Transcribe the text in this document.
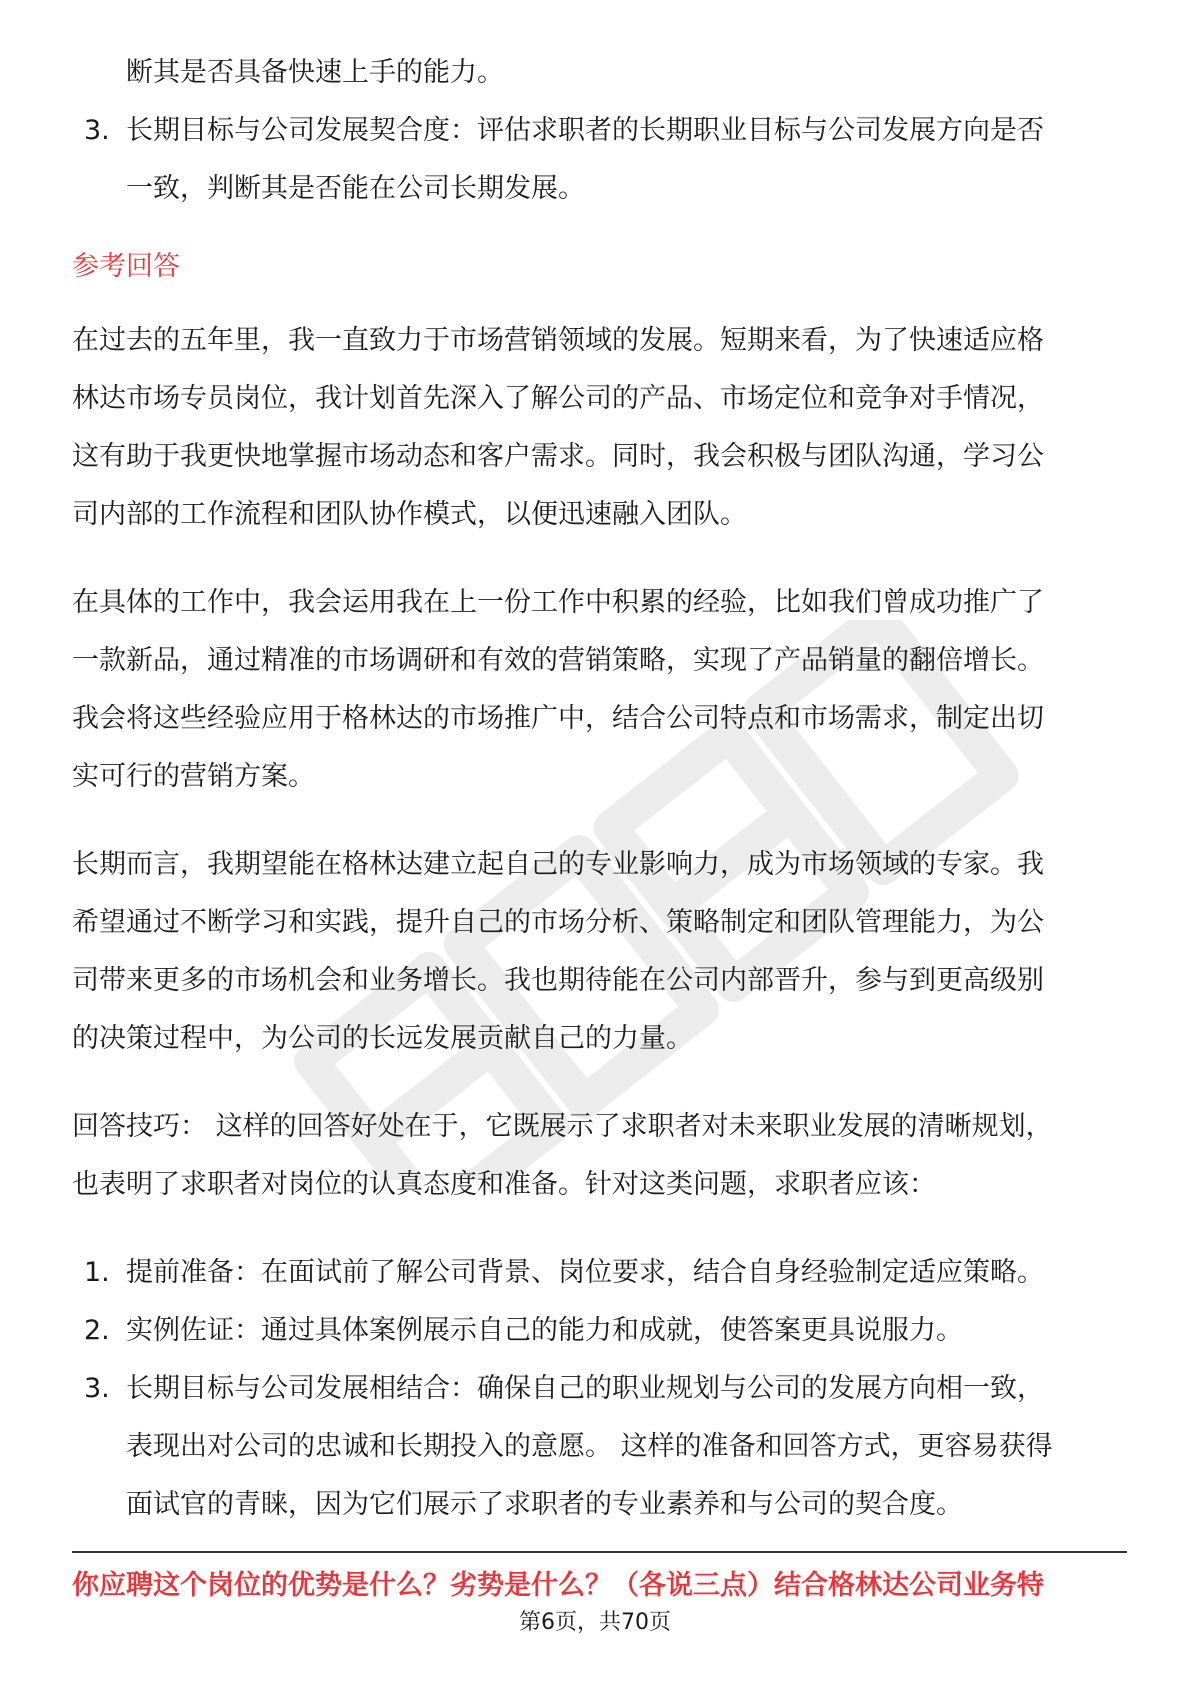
断其是否具备快速上手的能力。
3. 长期目标与公司发展契合度：评估求职者的长期职业目标与公司发展方向是否
一致，判断其是否能在公司长期发展。
参考回答
在过去的五年里，我一直致力于市场营销领域的发展。短期来看，为了快速适应格
林达市场专员岗位，我计划首先深入了解公司的产品、市场定位和竞争对手情况，
这有助于我更快地掌握市场动态和客户需求。同时，我会积极与团队沟通，学习公
司内部的工作流程和团队协作模式，以便迅速融入团队。
在具体的工作中，我会运用我在上一份工作中积累的经验，比如我们曾成功推广了
一款新品，通过精准的市场调研和有效的营销策略，实现了产品销量的翻倍增长。
我会将这些经验应用于格林达的市场推广中，结合公司特点和市场需求，制定出切
实可行的营销方案。
长期而言，我期望能在格林达建立起自己的专业影响力，成为市场领域的专家。我
希望通过不断学习和实践，提升自己的市场分析、策略制定和团队管理能力，为公
司带来更多的市场机会和业务增长。我也期待能在公司内部晋升，参与到更高级别
的决策过程中，为公司的长远发展贡献自己的力量。
回答技巧： 这样的回答好处在于，它既展示了求职者对未来职业发展的清晰规划，
也表明了求职者对岗位的认真态度和准备。针对这类问题，求职者应该：
1. 提前准备：在面试前了解公司背景、岗位要求，结合自身经验制定适应策略。
2. 实例佐证：通过具体案例展示自己的能力和成就，使答案更具说服力。
3. 长期目标与公司发展相结合：确保自己的职业规划与公司的发展方向相一致，
表现出对公司的忠诚和长期投入的意愿。 这样的准备和回答方式，更容易获得
面试官的青睐，因为它们展示了求职者的专业素养和与公司的契合度。
你应聘这个岗位的优势是什么？劣势是什么？（各说三点）结合格林达公司业务特
第6页，共70页
